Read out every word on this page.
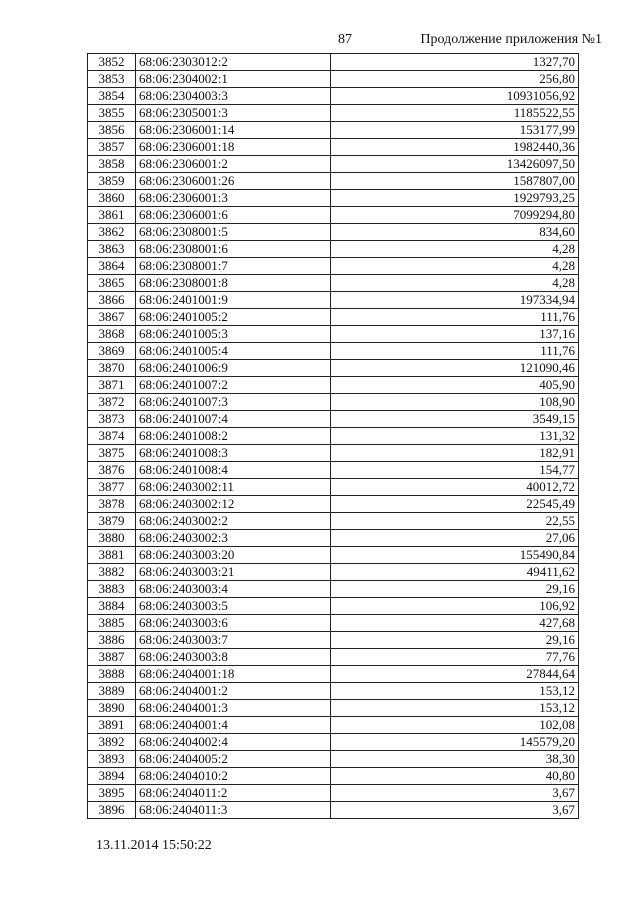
87	Продолжение приложения №1
3852	68:06:2303012:2	1327,70
3853	68:06:2304002:1	256,80
3854	68:06:2304003:3	10931056,92
3855	68:06:2305001:3	1185522,55
3856	68:06:2306001:14	153177,99
3857	68:06:2306001:18	1982440,36
3858	68:06:2306001:2	13426097,50
3859	68:06:2306001:26	1587807,00
3860	68:06:2306001:3	1929793,25
3861	68:06:2306001:6	7099294,80
3862	68:06:2308001:5	834,60
3863	68:06:2308001:6	4,28
3864	68:06:2308001:7	4,28
3865	68:06:2308001:8	4,28
3866	68:06:2401001:9	197334,94
3867	68:06:2401005:2	111,76
3868	68:06:2401005:3	137,16
3869	68:06:2401005:4	111,76
3870	68:06:2401006:9	121090,46
3871	68:06:2401007:2	405,90
3872	68:06:2401007:3	108,90
3873	68:06:2401007:4	3549,15
3874	68:06:2401008:2	131,32
3875	68:06:2401008:3	182,91
3876	68:06:2401008:4	154,77
3877	68:06:2403002:11	40012,72
3878	68:06:2403002:12	22545,49
3879	68:06:2403002:2	22,55
3880	68:06:2403002:3	27,06
3881	68:06:2403003:20	155490,84
3882	68:06:2403003:21	49411,62
3883	68:06:2403003:4	29,16
3884	68:06:2403003:5	106,92
3885	68:06:2403003:6	427,68
3886	68:06:2403003:7	29,16
3887	68:06:2403003:8	77,76
3888	68:06:2404001:18	27844,64
3889	68:06:2404001:2	153,12
3890	68:06:2404001:3	153,12
3891	68:06:2404001:4	102,08
3892	68:06:2404002:4	145579,20
3893	68:06:2404005:2	38,30
3894	68:06:2404010:2	40,80
3895	68:06:2404011:2	3,67
3896	68:06:2404011:3	3,67
13.11.2014 15:50:22
